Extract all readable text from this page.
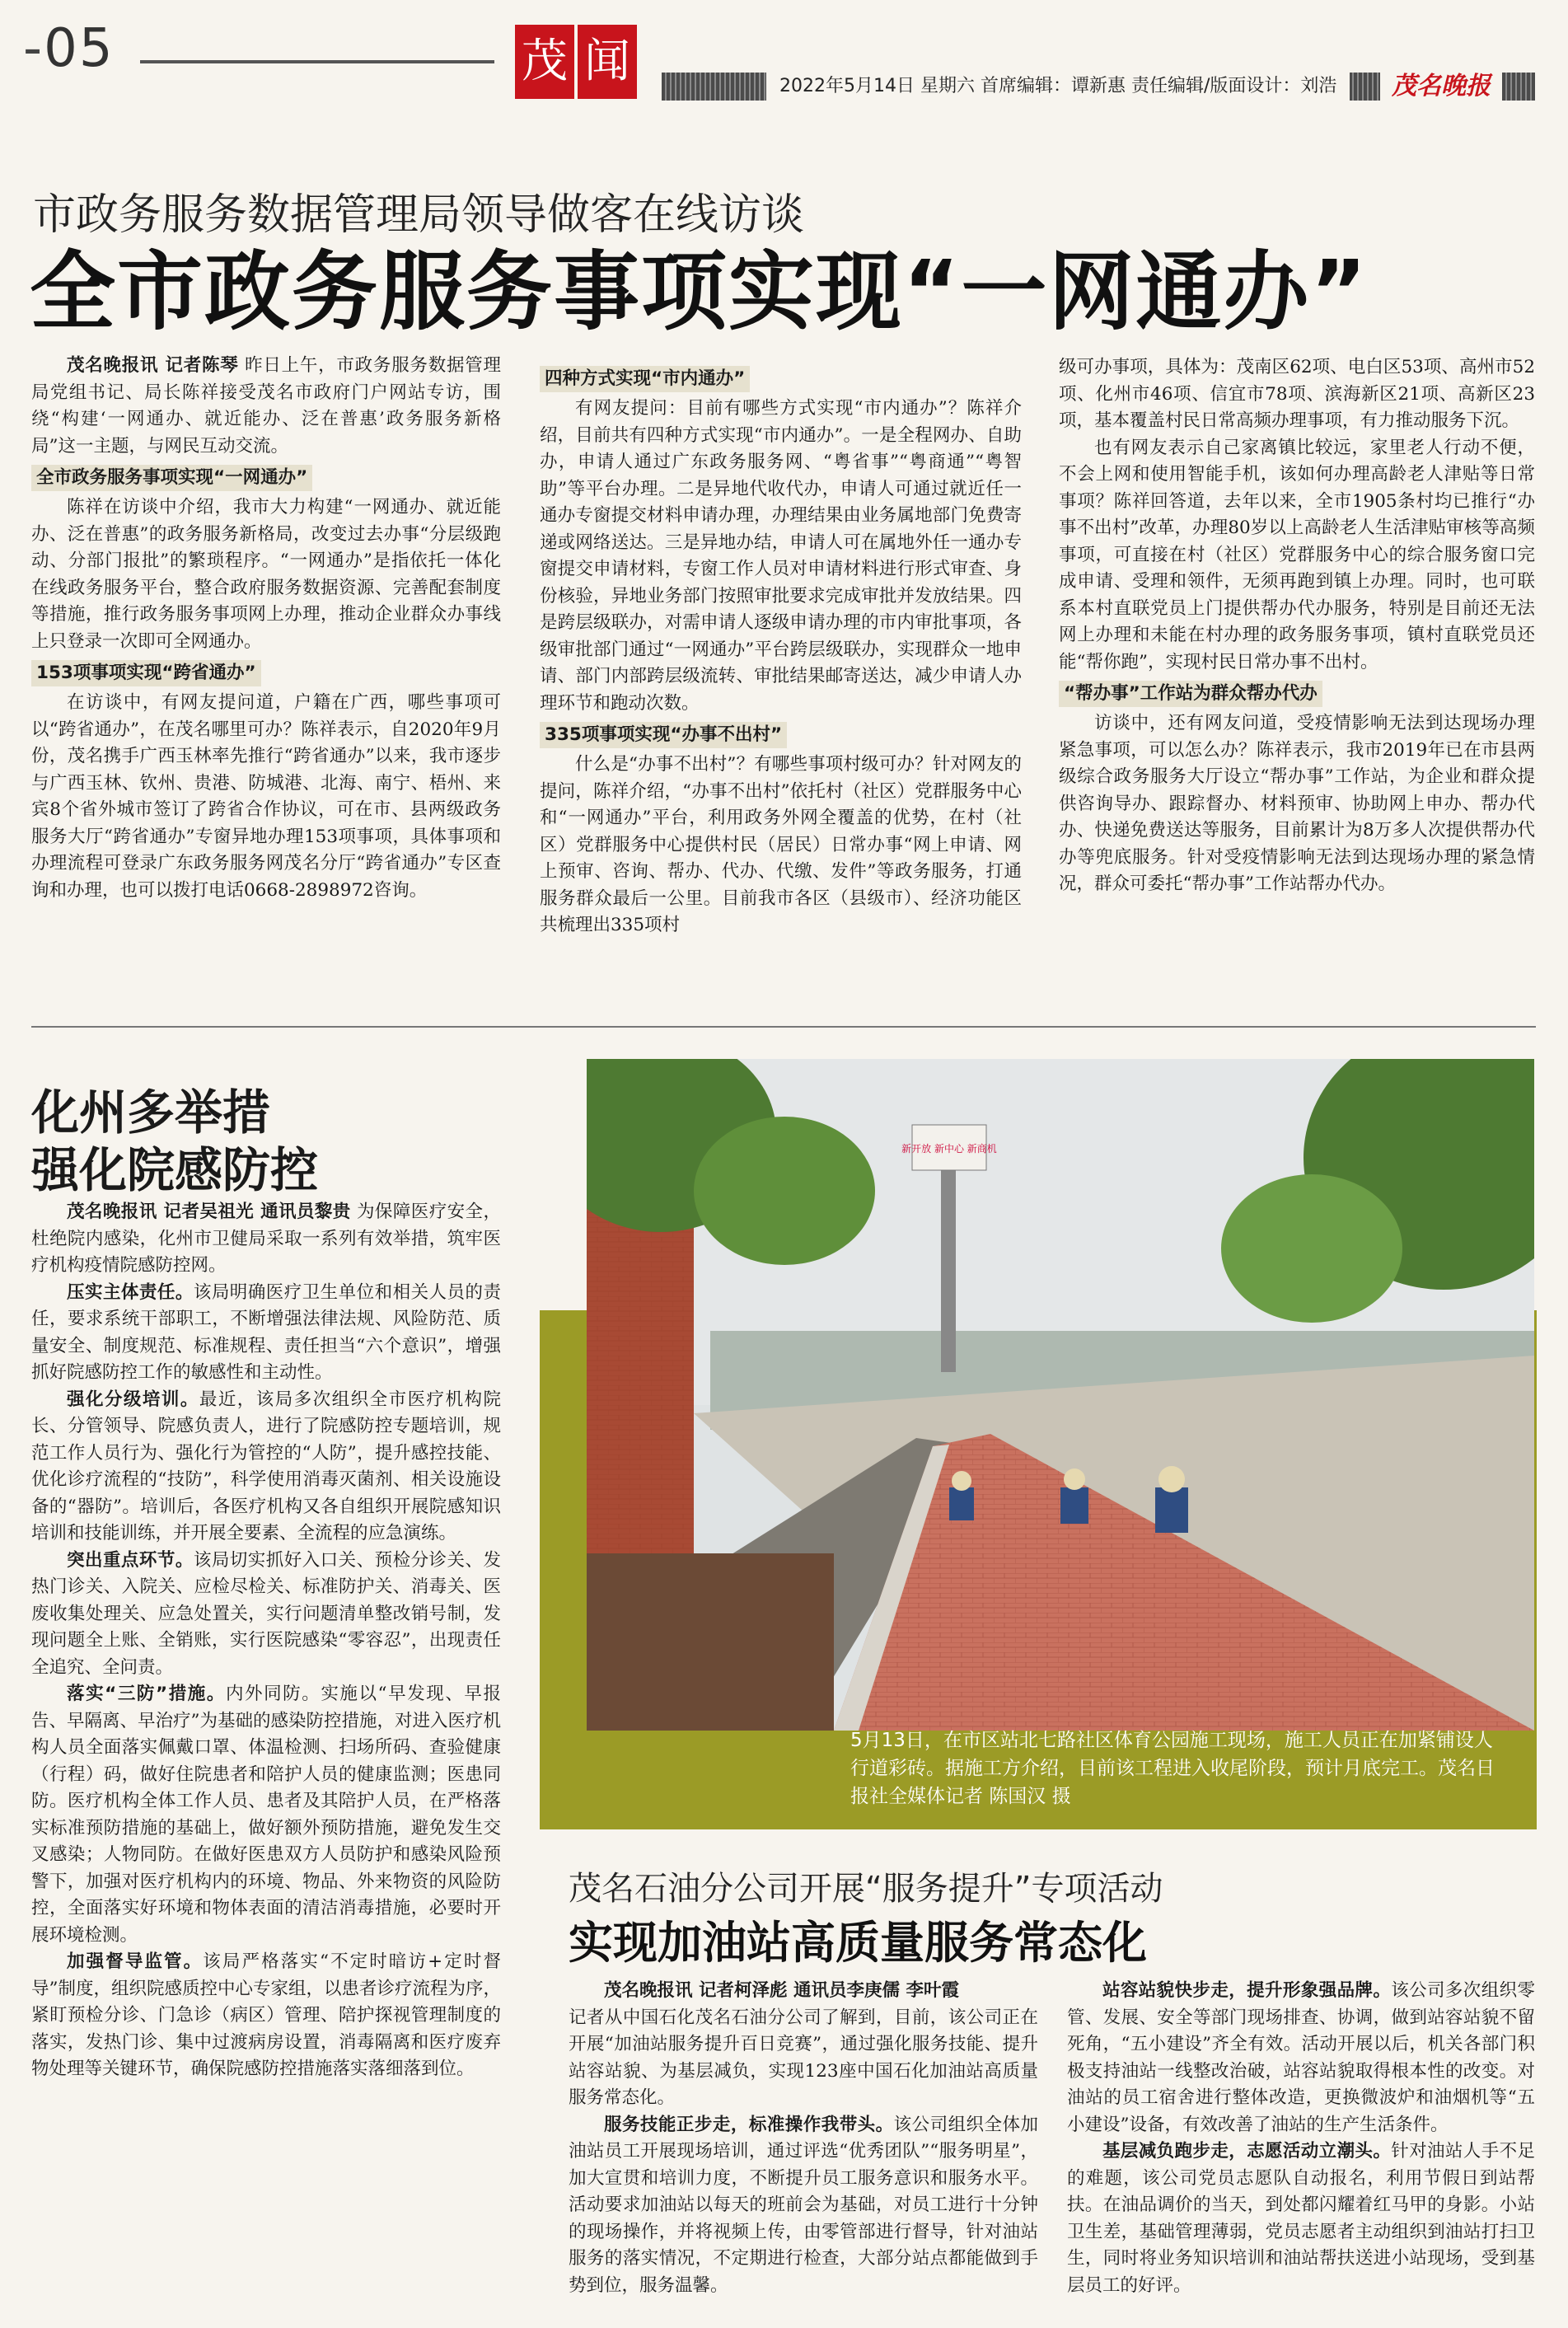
-05	茂 闻	2022年5月14日 星期六 首席编辑：谭新惠 责任编辑/版面设计：刘浩	茂名晚报
市政务服务数据管理局领导做客在线访谈
全市政务服务事项实现“一网通办”

茂名晚报讯 记者陈琴 昨日上午，市政务服务数据管理局党组书记、局长陈祥接受茂名市政府门户网站专访，围绕“构建‘一网通办、就近能办、泛在普惠’政务服务新格局”这一主题，与网民互动交流。

全市政务服务事项实现“一网通办”

陈祥在访谈中介绍，我市大力构建“一网通办、就近能办、泛在普惠”的政务服务新格局，改变过去办事“分层级跑动、分部门报批”的繁琐程序。“一网通办”是指依托一体化在线政务服务平台，整合政府服务数据资源、完善配套制度等措施，推行政务服务事项网上办理，推动企业群众办事线上只登录一次即可全网通办。

153项事项实现“跨省通办”

在访谈中，有网友提问道，户籍在广西，哪些事项可以“跨省通办”，在茂名哪里可办？陈祥表示，自2020年9月份，茂名携手广西玉林率先推行“跨省通办”以来，我市逐步与广西玉林、钦州、贵港、防城港、北海、南宁、梧州、来宾8个省外城市签订了跨省合作协议，可在市、县两级政务服务大厅“跨省通办”专窗异地办理153项事项，具体事项和办理流程可登录广东政务服务网茂名分厅“跨省通办”专区查询和办理，也可以拨打电话0668-2898972咨询。

四种方式实现“市内通办”

有网友提问：目前有哪些方式实现“市内通办”？陈祥介绍，目前共有四种方式实现“市内通办”。一是全程网办、自助办，申请人通过广东政务服务网、“粤省事”“粤商通”“粤智助”等平台办理。二是异地代收代办，申请人可通过就近任一通办专窗提交材料申请办理，办理结果由业务属地部门免费寄递或网络送达。三是异地办结，申请人可在属地外任一通办专窗提交申请材料，专窗工作人员对申请材料进行形式审查、身份核验，异地业务部门按照审批要求完成审批并发放结果。四是跨层级联办，对需申请人逐级申请办理的市内审批事项，各级审批部门通过“一网通办”平台跨层级联办，实现群众一地申请、部门内部跨层级流转、审批结果邮寄送达，减少申请人办理环节和跑动次数。

335项事项实现“办事不出村”

什么是“办事不出村”？有哪些事项村级可办？针对网友的提问，陈祥介绍，“办事不出村”依托村（社区）党群服务中心和“一网通办”平台，利用政务外网全覆盖的优势，在村（社区）党群服务中心提供村民（居民）日常办事“网上申请、网上预审、咨询、帮办、代办、代缴、发件”等政务服务，打通服务群众最后一公里。目前我市各区（县级市）、经济功能区共梳理出335项村

级可办事项，具体为：茂南区62项、电白区53项、高州市52项、化州市46项、信宜市78项、滨海新区21项、高新区23项，基本覆盖村民日常高频办理事项，有力推动服务下沉。

也有网友表示自己家离镇比较远，家里老人行动不便，不会上网和使用智能手机，该如何办理高龄老人津贴等日常事项？陈祥回答道，去年以来，全市1905条村均已推行“办事不出村”改革，办理80岁以上高龄老人生活津贴审核等高频事项，可直接在村（社区）党群服务中心的综合服务窗口完成申请、受理和领件，无须再跑到镇上办理。同时，也可联系本村直联党员上门提供帮办代办服务，特别是目前还无法网上办理和未能在村办理的政务服务事项，镇村直联党员还能“帮你跑”，实现村民日常办事不出村。

“帮办事”工作站为群众帮办代办

访谈中，还有网友问道，受疫情影响无法到达现场办理紧急事项，可以怎么办？陈祥表示，我市2019年已在市县两级综合政务服务大厅设立“帮办事”工作站，为企业和群众提供咨询导办、跟踪督办、材料预审、协助网上申办、帮办代办、快递免费送达等服务，目前累计为8万多人次提供帮办代办等兜底服务。针对受疫情影响无法到达现场办理的紧急情况，群众可委托“帮办事”工作站帮办代办。

化州多举措
强化院感防控

茂名晚报讯 记者吴祖光 通讯员黎贵 为保障医疗安全，杜绝院内感染，化州市卫健局采取一系列有效举措，筑牢医疗机构疫情院感防控网。

压实主体责任。该局明确医疗卫生单位和相关人员的责任，要求系统干部职工，不断增强法律法规、风险防范、质量安全、制度规范、标准规程、责任担当“六个意识”，增强抓好院感防控工作的敏感性和主动性。

强化分级培训。最近，该局多次组织全市医疗机构院长、分管领导、院感负责人，进行了院感防控专题培训，规范工作人员行为、强化行为管控的“人防”，提升感控技能、优化诊疗流程的“技防”，科学使用消毒灭菌剂、相关设施设备的“器防”。培训后，各医疗机构又各自组织开展院感知识培训和技能训练，并开展全要素、全流程的应急演练。

突出重点环节。该局切实抓好入口关、预检分诊关、发热门诊关、入院关、应检尽检关、标准防护关、消毒关、医废收集处理关、应急处置关，实行问题清单整改销号制，发现问题全上账、全销账，实行医院感染“零容忍”，出现责任全追究、全问责。

落实“三防”措施。内外同防。实施以“早发现、早报告、早隔离、早治疗”为基础的感染防控措施，对进入医疗机构人员全面落实佩戴口罩、体温检测、扫场所码、查验健康（行程）码，做好住院患者和陪护人员的健康监测；医患同防。医疗机构全体工作人员、患者及其陪护人员，在严格落实标准预防措施的基础上，做好额外预防措施，避免发生交叉感染；人物同防。在做好医患双方人员防护和感染风险预警下，加强对医疗机构内的环境、物品、外来物资的风险防控，全面落实好环境和物体表面的清洁消毒措施，必要时开展环境检测。

加强督导监管。该局严格落实“不定时暗访+定时督导”制度，组织院感质控中心专家组，以患者诊疗流程为序，紧盯预检分诊、门急诊（病区）管理、陪护探视管理制度的落实，发热门诊、集中过渡病房设置，消毒隔离和医疗废弃物处理等关键环节，确保院感防控措施落实落细落到位。

新开放 新中心 新商机
5月13日，在市区站北七路社区体育公园施工现场，施工人员正在加紧铺设人行道彩砖。据施工方介绍，目前该工程进入收尾阶段，预计月底完工。茂名日报社全媒体记者 陈国汉 摄
茂名石油分公司开展“服务提升”专项活动
实现加油站高质量服务常态化

茂名晚报讯 记者柯泽彪 通讯员李庚儒 李叶霞

记者从中国石化茂名石油分公司了解到，目前，该公司正在开展“加油站服务提升百日竞赛”，通过强化服务技能、提升站容站貌、为基层减负，实现123座中国石化加油站高质量服务常态化。

服务技能正步走，标准操作我带头。该公司组织全体加油站员工开展现场培训，通过评选“优秀团队”“服务明星”，加大宣贯和培训力度，不断提升员工服务意识和服务水平。活动要求加油站以每天的班前会为基础，对员工进行十分钟的现场操作，并将视频上传，由零管部进行督导，针对油站服务的落实情况，不定期进行检查，大部分站点都能做到手势到位，服务温馨。

站容站貌快步走，提升形象强品牌。该公司多次组织零管、发展、安全等部门现场排查、协调，做到站容站貌不留死角，“五小建设”齐全有效。活动开展以后，机关各部门积极支持油站一线整改治破，站容站貌取得根本性的改变。对油站的员工宿舍进行整体改造，更换微波炉和油烟机等“五小建设”设备，有效改善了油站的生产生活条件。

基层减负跑步走，志愿活动立潮头。针对油站人手不足的难题，该公司党员志愿队自动报名，利用节假日到站帮扶。在油品调价的当天，到处都闪耀着红马甲的身影。小站卫生差，基础管理薄弱，党员志愿者主动组织到油站打扫卫生，同时将业务知识培训和油站帮扶送进小站现场，受到基层员工的好评。
